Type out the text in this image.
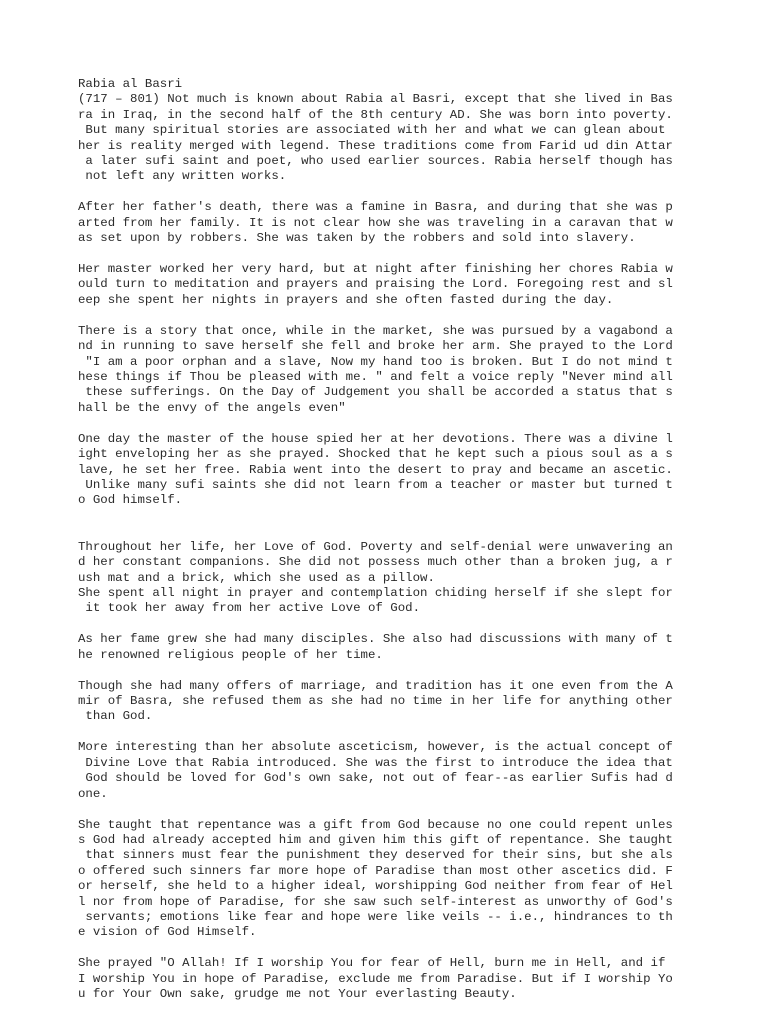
Rabia al Basri
(717 – 801) Not much is known about Rabia al Basri, except that she lived in Bas
ra in Iraq, in the second half of the 8th century AD. She was born into poverty.
But many spiritual stories are associated with her and what we can glean about
her is reality merged with legend. These traditions come from Farid ud din Attar
a later sufi saint and poet, who used earlier sources. Rabia herself though has
not left any written works.
After her father's death, there was a famine in Basra, and during that she was p
arted from her family. It is not clear how she was traveling in a caravan that w
as set upon by robbers. She was taken by the robbers and sold into slavery.
Her master worked her very hard, but at night after finishing her chores Rabia w
ould turn to meditation and prayers and praising the Lord. Foregoing rest and sl
eep she spent her nights in prayers and she often fasted during the day.
There is a story that once, while in the market, she was pursued by a vagabond a
nd in running to save herself she fell and broke her arm. She prayed to the Lord
"I am a poor orphan and a slave, Now my hand too is broken. But I do not mind t
hese things if Thou be pleased with me. " and felt a voice reply "Never mind all
these sufferings. On the Day of Judgement you shall be accorded a status that s
hall be the envy of the angels even"
One day the master of the house spied her at her devotions. There was a divine l
ight enveloping her as she prayed. Shocked that he kept such a pious soul as a s
lave, he set her free. Rabia went into the desert to pray and became an ascetic.
Unlike many sufi saints she did not learn from a teacher or master but turned t
o God himself.
Throughout her life, her Love of God. Poverty and self-denial were unwavering an
d her constant companions. She did not possess much other than a broken jug, a r
ush mat and a brick, which she used as a pillow.
She spent all night in prayer and contemplation chiding herself if she slept for
it took her away from her active Love of God.
As her fame grew she had many disciples. She also had discussions with many of t
he renowned religious people of her time.
Though she had many offers of marriage, and tradition has it one even from the A
mir of Basra, she refused them as she had no time in her life for anything other
than God.
More interesting than her absolute asceticism, however, is the actual concept of
Divine Love that Rabia introduced. She was the first to introduce the idea that
God should be loved for God's own sake, not out of fear--as earlier Sufis had d
one.
She taught that repentance was a gift from God because no one could repent unles
s God had already accepted him and given him this gift of repentance. She taught
that sinners must fear the punishment they deserved for their sins, but she als
o offered such sinners far more hope of Paradise than most other ascetics did. F
or herself, she held to a higher ideal, worshipping God neither from fear of Hel
l nor from hope of Paradise, for she saw such self-interest as unworthy of God's
servants; emotions like fear and hope were like veils -- i.e., hindrances to th
e vision of God Himself.
She prayed "O Allah! If I worship You for fear of Hell, burn me in Hell, and if
I worship You in hope of Paradise, exclude me from Paradise. But if I worship Yo
u for Your Own sake, grudge me not Your everlasting Beauty.
